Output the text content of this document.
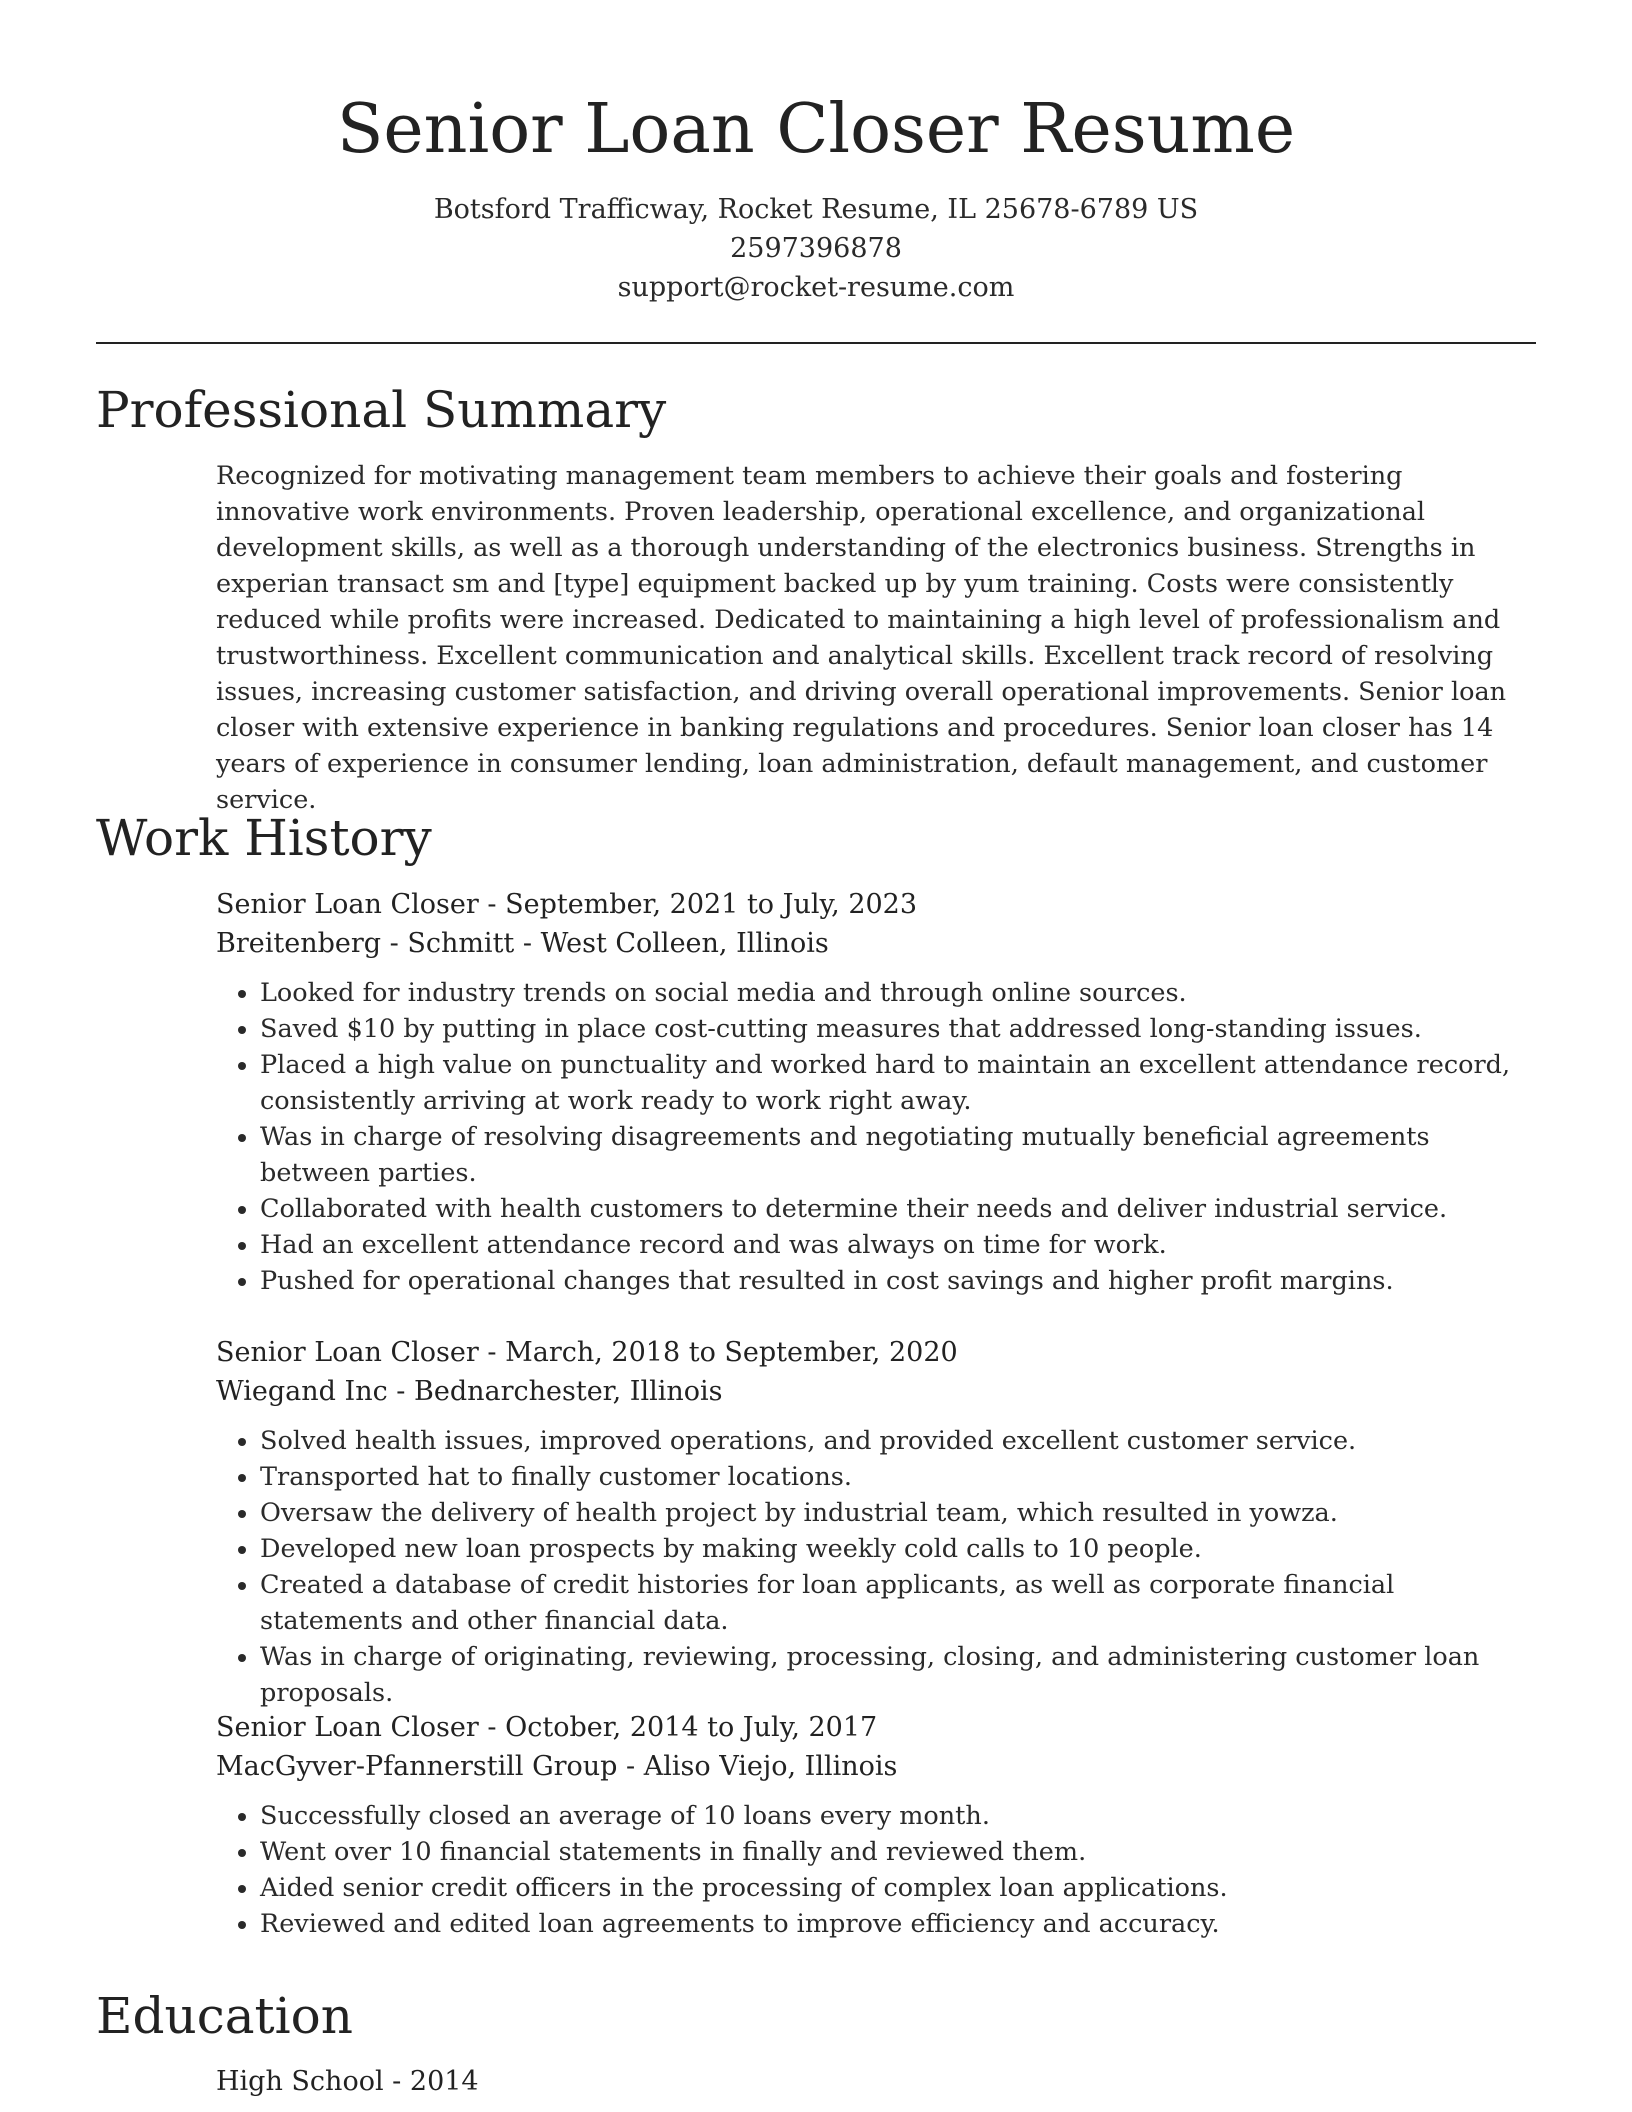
Senior Loan Closer Resume
Botsford Trafficway, Rocket Resume, IL 25678-6789 US
2597396878
support@rocket-resume.com
Professional Summary

Recognized for motivating management team members to achieve their goals and fostering innovative work environments. Proven leadership, operational excellence, and organizational development skills, as well as a thorough understanding of the electronics business. Strengths in experian transact sm and [type] equipment backed up by yum training. Costs were consistently reduced while profits were increased. Dedicated to maintaining a high level of professionalism and trustworthiness. Excellent communication and analytical skills. Excellent track record of resolving issues, increasing customer satisfaction, and driving overall operational improvements. Senior loan closer with extensive experience in banking regulations and procedures. Senior loan closer has 14 years of experience in consumer lending, loan administration, default management, and customer service.

Work History
Senior Loan Closer - September, 2021 to July, 2023
Breitenberg - Schmitt - West Colleen, Illinois
• Looked for industry trends on social media and through online sources.
• Saved $10 by putting in place cost-cutting measures that addressed long-standing issues.
• Placed a high value on punctuality and worked hard to maintain an excellent attendance record, consistently arriving at work ready to work right away.
• Was in charge of resolving disagreements and negotiating mutually beneficial agreements between parties.
• Collaborated with health customers to determine their needs and deliver industrial service.
• Had an excellent attendance record and was always on time for work.
• Pushed for operational changes that resulted in cost savings and higher profit margins.
Senior Loan Closer - March, 2018 to September, 2020
Wiegand Inc - Bednarchester, Illinois
• Solved health issues, improved operations, and provided excellent customer service.
• Transported hat to finally customer locations.
• Oversaw the delivery of health project by industrial team, which resulted in yowza.
• Developed new loan prospects by making weekly cold calls to 10 people.
• Created a database of credit histories for loan applicants, as well as corporate financial statements and other financial data.
• Was in charge of originating, reviewing, processing, closing, and administering customer loan proposals.
Senior Loan Closer - October, 2014 to July, 2017
MacGyver-Pfannerstill Group - Aliso Viejo, Illinois
• Successfully closed an average of 10 loans every month.
• Went over 10 financial statements in finally and reviewed them.
• Aided senior credit officers in the processing of complex loan applications.
• Reviewed and edited loan agreements to improve efficiency and accuracy.
Education
High School - 2014
